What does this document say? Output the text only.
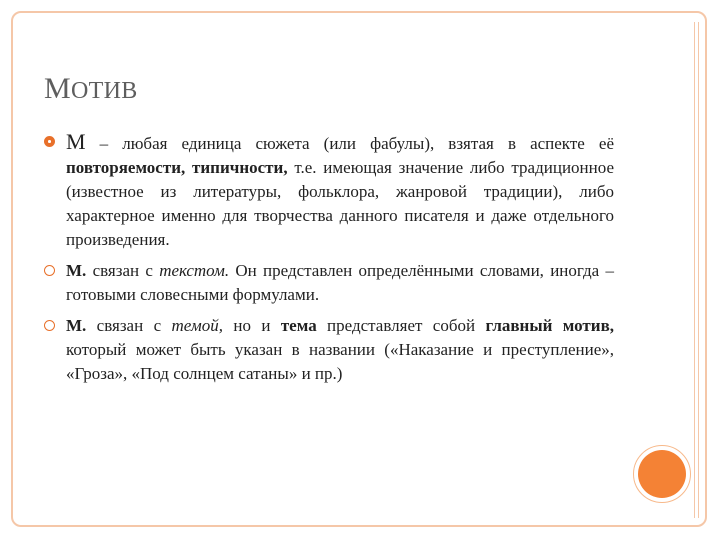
МОТИВ
М – любая единица сюжета (или фабулы), взятая в аспекте её повторяемости, типичности, т.е. имеющая значение либо традиционное (известное из литературы, фольклора, жанровой традиции), либо характерное именно для творчества данного писателя и даже отдельного произведения.
М. связан с текстом. Он представлен определёнными словами, иногда – готовыми словесными формулами.
М. связан с темой, но и тема представляет собой главный мотив, который может быть указан в названии («Наказание и преступление», «Гроза», «Под солнцем сатаны» и пр.)
